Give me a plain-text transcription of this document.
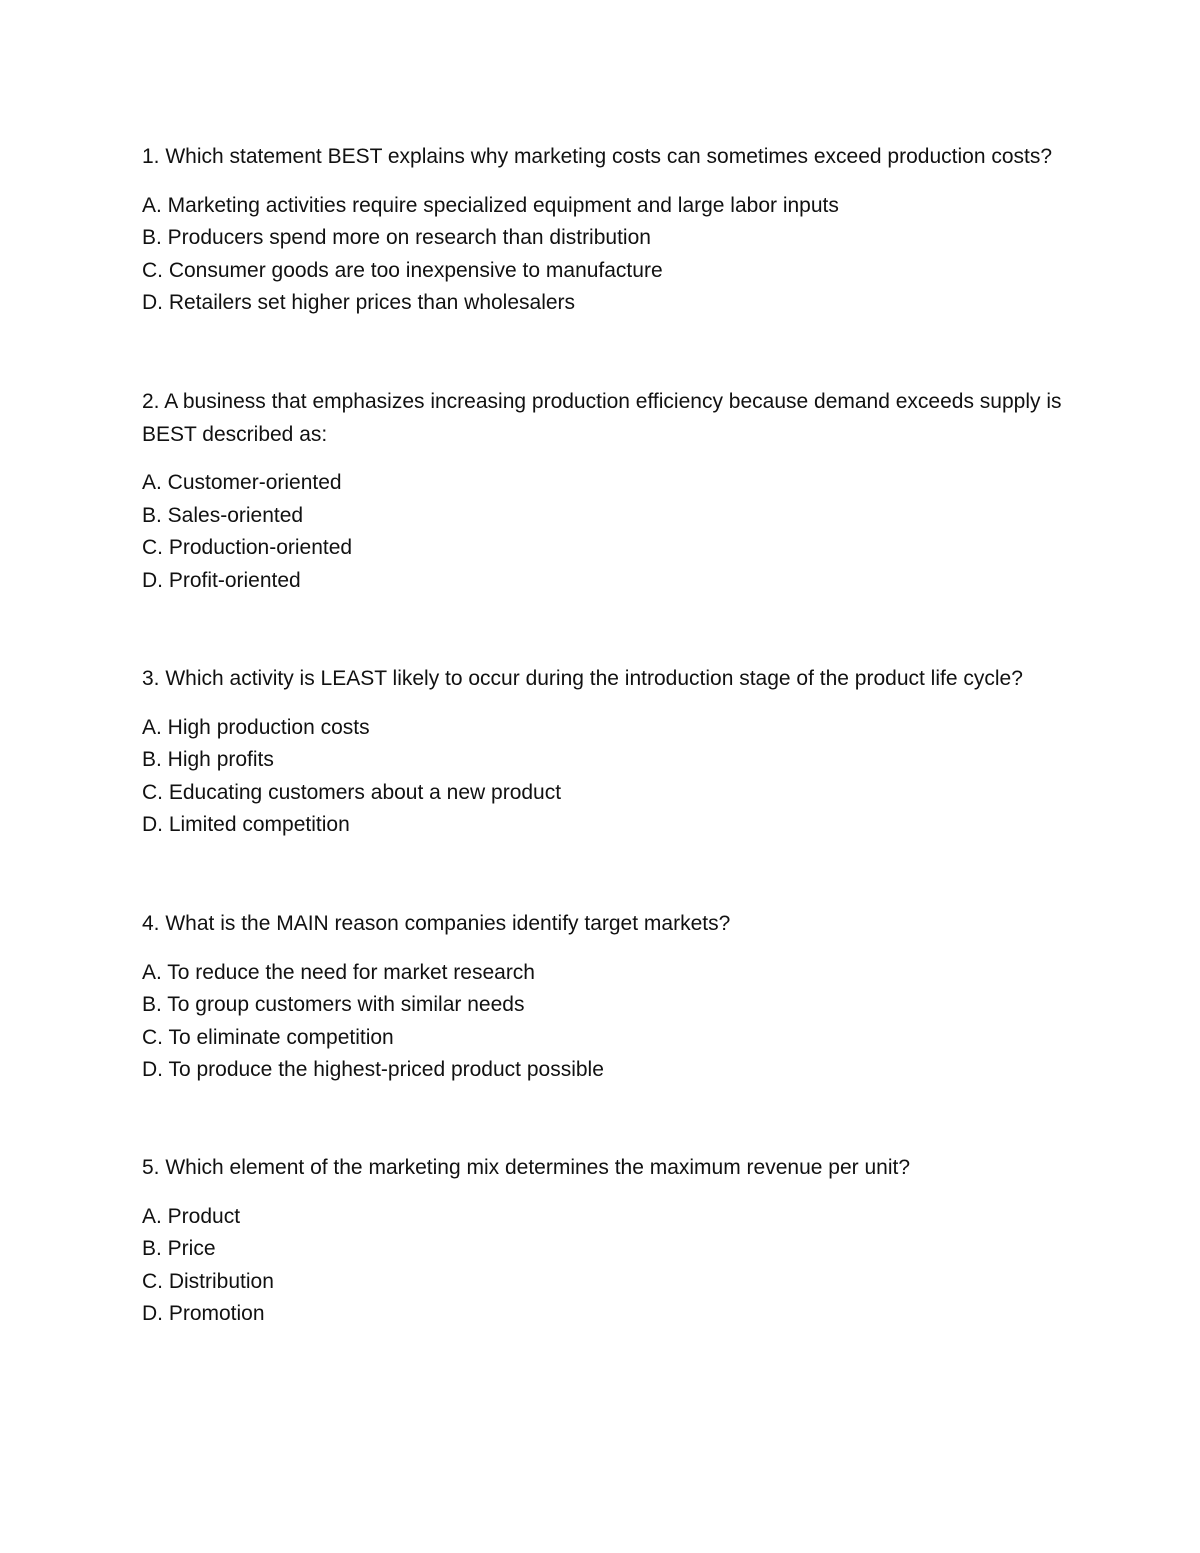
1. Which statement BEST explains why marketing costs can sometimes exceed production costs?

A. Marketing activities require specialized equipment and large labor inputs
B. Producers spend more on research than distribution
C. Consumer goods are too inexpensive to manufacture
D. Retailers set higher prices than wholesalers

2. A business that emphasizes increasing production efficiency because demand exceeds supply is BEST described as:

A. Customer-oriented
B. Sales-oriented
C. Production-oriented
D. Profit-oriented

3. Which activity is LEAST likely to occur during the introduction stage of the product life cycle?

A. High production costs
B. High profits
C. Educating customers about a new product
D. Limited competition

4. What is the MAIN reason companies identify target markets?

A. To reduce the need for market research
B. To group customers with similar needs
C. To eliminate competition
D. To produce the highest-priced product possible

5. Which element of the marketing mix determines the maximum revenue per unit?

A. Product
B. Price
C. Distribution
D. Promotion
